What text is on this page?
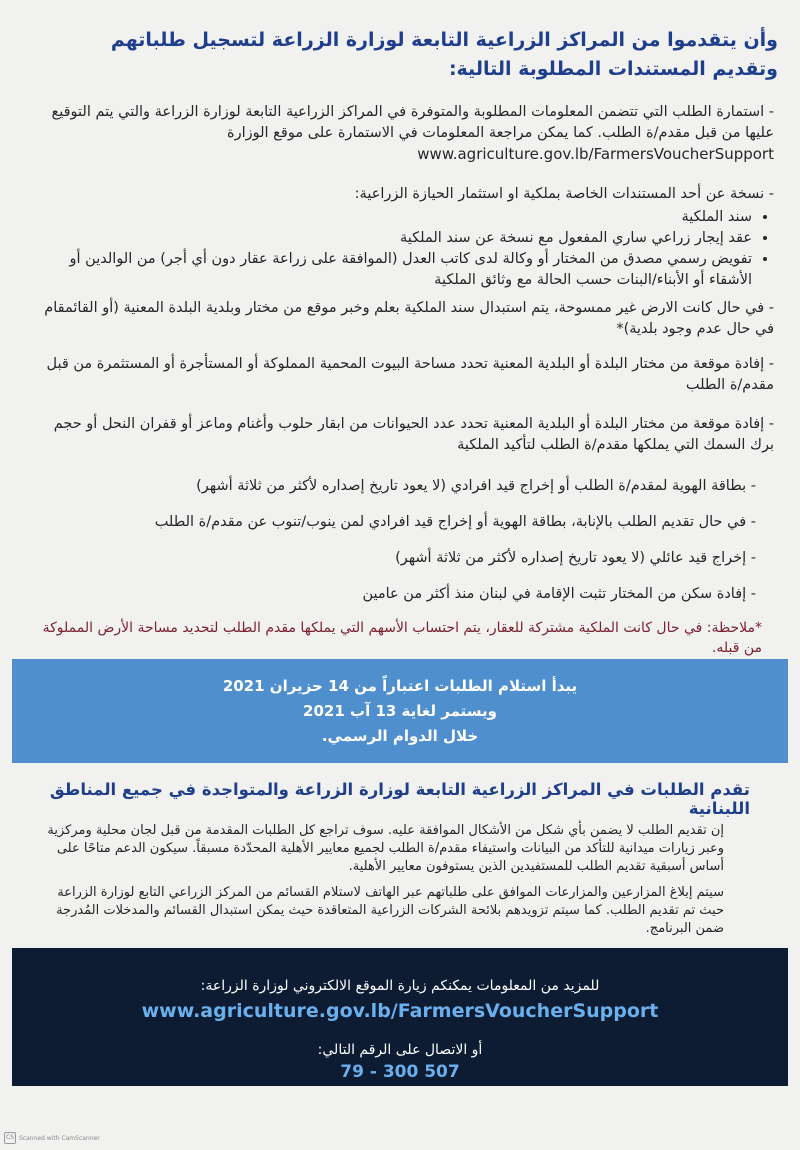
وأن يتقدموا من المراكز الزراعية التابعة لوزارة الزراعة لتسجيل طلباتهم وتقديم المستندات المطلوبة التالية:
- استمارة الطلب التي تتضمن المعلومات المطلوبة والمتوفرة في المراكز الزراعية التابعة لوزارة الزراعة والتي يتم التوقيع عليها من قبل مقدم/ة الطلب. كما يمكن مراجعة المعلومات في الاستمارة على موقع الوزارة
www.agriculture.gov.lb/FarmersVoucherSupport
- نسخة عن أحد المستندات الخاصة بملكية او استثمار الحيازة الزراعية:
• سند الملكية
• عقد إيجار زراعي ساري المفعول مع نسخة عن سند الملكية
• تفويض رسمي مصدق من المختار أو وكالة لدى كاتب العدل (الموافقة على زراعة عقار دون أي أجر) من الوالدين أو الأشقاء أو الأبناء/البنات حسب الحالة مع وثائق الملكية
- في حال كانت الارض غير ممسوحة، يتم استبدال سند الملكية بعلم وخبر موقع من مختار وبلدية البلدة المعنية (أو القائمقام في حال عدم وجود بلدية)*
- إفادة موقعة من مختار البلدة أو البلدية المعنية تحدد مساحة البيوت المحمية المملوكة أو المستأجرة أو المستثمرة من قبل مقدم/ة الطلب
- إفادة موقعة من مختار البلدة أو البلدية المعنية تحدد عدد الحيوانات من ابقار حلوب وأغنام وماعز أو قفران النحل أو حجم برك السمك التي يملكها مقدم/ة الطلب لتأكيد الملكية
- بطاقة الهوية لمقدم/ة الطلب أو إخراج قيد افرادي (لا يعود تاريخ إصداره لأكثر من ثلاثة أشهر)
- في حال تقديم الطلب بالإنابة، بطاقة الهوية أو إخراج قيد افرادي لمن ينوب/تنوب عن مقدم/ة الطلب
- إخراج قيد عائلي (لا يعود تاريخ إصداره لأكثر من ثلاثة أشهر)
- إفادة سكن من المختار تثبت الإقامة في لبنان منذ أكثر من عامين
*ملاحظة: في حال كانت الملكية مشتركة للعقار، يتم احتساب الأسهم التي يملكها مقدم الطلب لتحديد مساحة الأرض المملوكة من قبله.
يبدأ استلام الطلبات اعتباراً من 14 حزيران 2021
ويستمر لغاية 13 آب 2021
خلال الدوام الرسمي.
تقدم الطلبات في المراكز الزراعية التابعة لوزارة الزراعة والمتواجدة في جميع المناطق اللبنانية
إن تقديم الطلب لا يضمن بأي شكل من الأشكال الموافقة عليه. سوف تراجع كل الطلبات المقدمة من قبل لجان محلية ومركزية وعبر زيارات ميدانية للتأكد من البيانات واستيفاء مقدم/ة الطلب لجميع معايير الأهلية المحدّدة مسبقاً. سيكون الدعم متاحًا على أساس أسبقية تقديم الطلب للمستفيدين الذين يستوفون معايير الأهلية.
سيتم إبلاغ المزارعين والمزارعات الموافق على طلباتهم عبر الهاتف لاستلام القسائم من المركز الزراعي التابع لوزارة الزراعة حيث تم تقديم الطلب. كما سيتم تزويدهم بلائحة الشركات الزراعية المتعاقدة حيث يمكن استبدال القسائم والمدخلات المُدرجة ضمن البرنامج.
للمزيد من المعلومات يمكنكم زيارة الموقع الالكتروني لوزارة الزراعة:
www.agriculture.gov.lb/FarmersVoucherSupport
أو الاتصال على الرقم التالي:
79 - 300 507
CS Scanned with CamScanner
